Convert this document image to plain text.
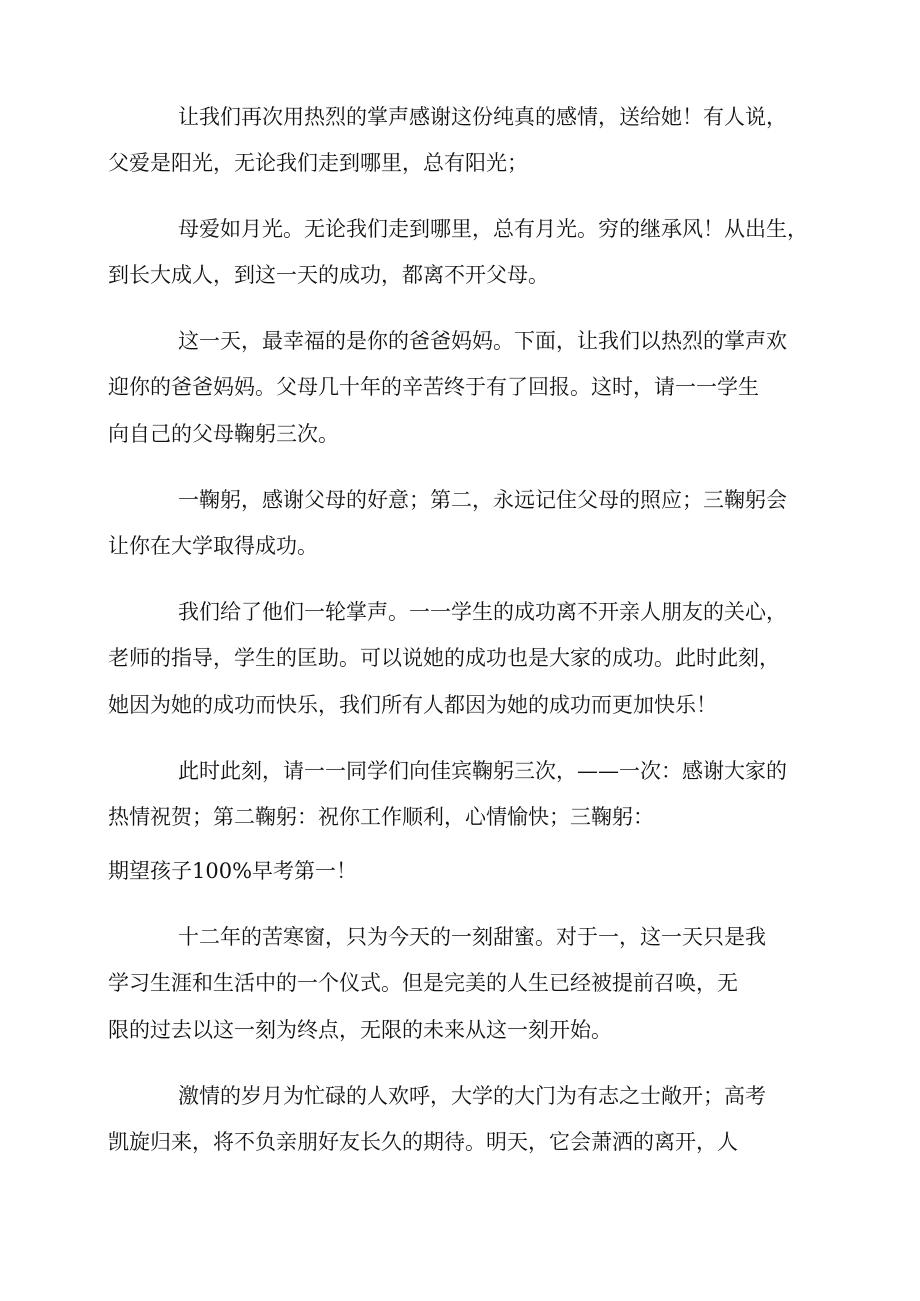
让我们再次用热烈的掌声感谢这份纯真的感情，送给她！有人说，
父爱是阳光，无论我们走到哪里，总有阳光；
母爱如月光。无论我们走到哪里，总有月光。穷的继承风！从出生，
到长大成人，到这一天的成功，都离不开父母。
这一天，最幸福的是你的爸爸妈妈。下面，让我们以热烈的掌声欢
迎你的爸爸妈妈。父母几十年的辛苦终于有了回报。这时，请一一学生
向自己的父母鞠躬三次。
一鞠躬，感谢父母的好意；第二，永远记住父母的照应；三鞠躬会
让你在大学取得成功。
我们给了他们一轮掌声。一一学生的成功离不开亲人朋友的关心，
老师的指导，学生的匡助。可以说她的成功也是大家的成功。此时此刻，
她因为她的成功而快乐，我们所有人都因为她的成功而更加快乐！
此时此刻，请一一同学们向佳宾鞠躬三次，——一次：感谢大家的
热情祝贺；第二鞠躬：祝你工作顺利，心情愉快；三鞠躬：
期望孩子100%早考第一！
十二年的苦寒窗，只为今天的一刻甜蜜。对于一，这一天只是我
学习生涯和生活中的一个仪式。但是完美的人生已经被提前召唤，无
限的过去以这一刻为终点，无限的未来从这一刻开始。
激情的岁月为忙碌的人欢呼，大学的大门为有志之士敞开；高考
凯旋归来，将不负亲朋好友长久的期待。明天，它会萧洒的离开，人
